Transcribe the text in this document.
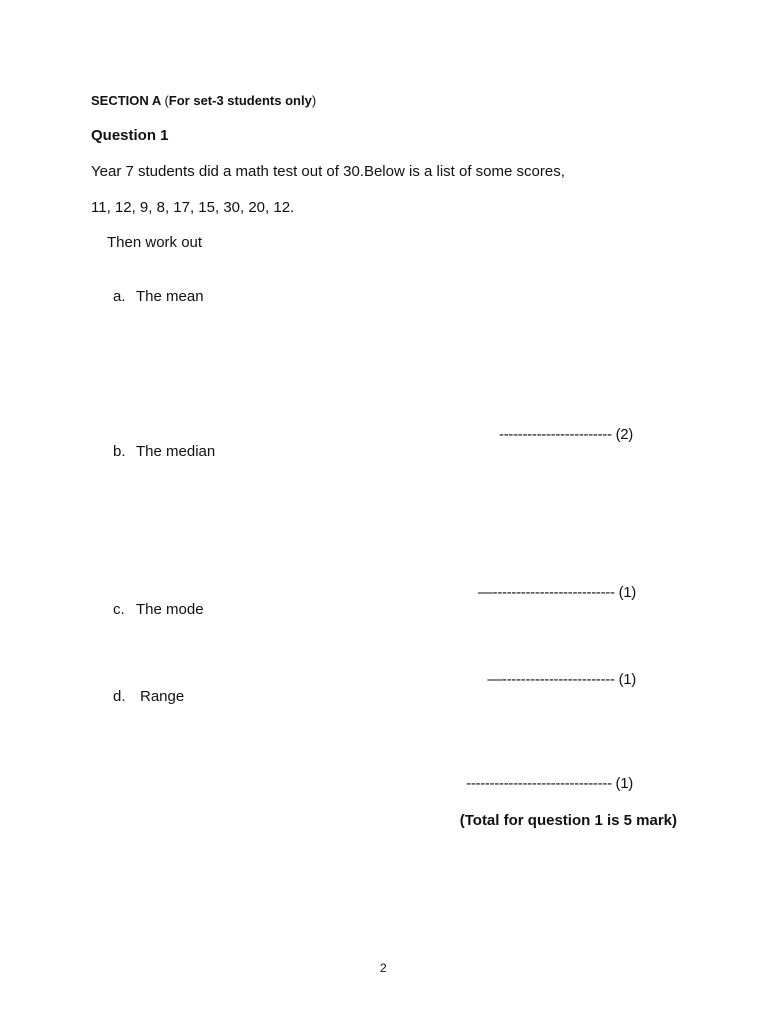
SECTION A (For set-3 students only)
Question 1
Year 7 students did a math test out of 30.Below is a list of some scores,
11, 12, 9, 8, 17, 15, 30, 20, 12.
Then work out
a. The mean
------------------------ (2)
b. The median
—-------------------------- (1)
c. The mode
—------------------------ (1)
d. Range
------------------------------- (1)
(Total for question 1 is 5 mark)
2
